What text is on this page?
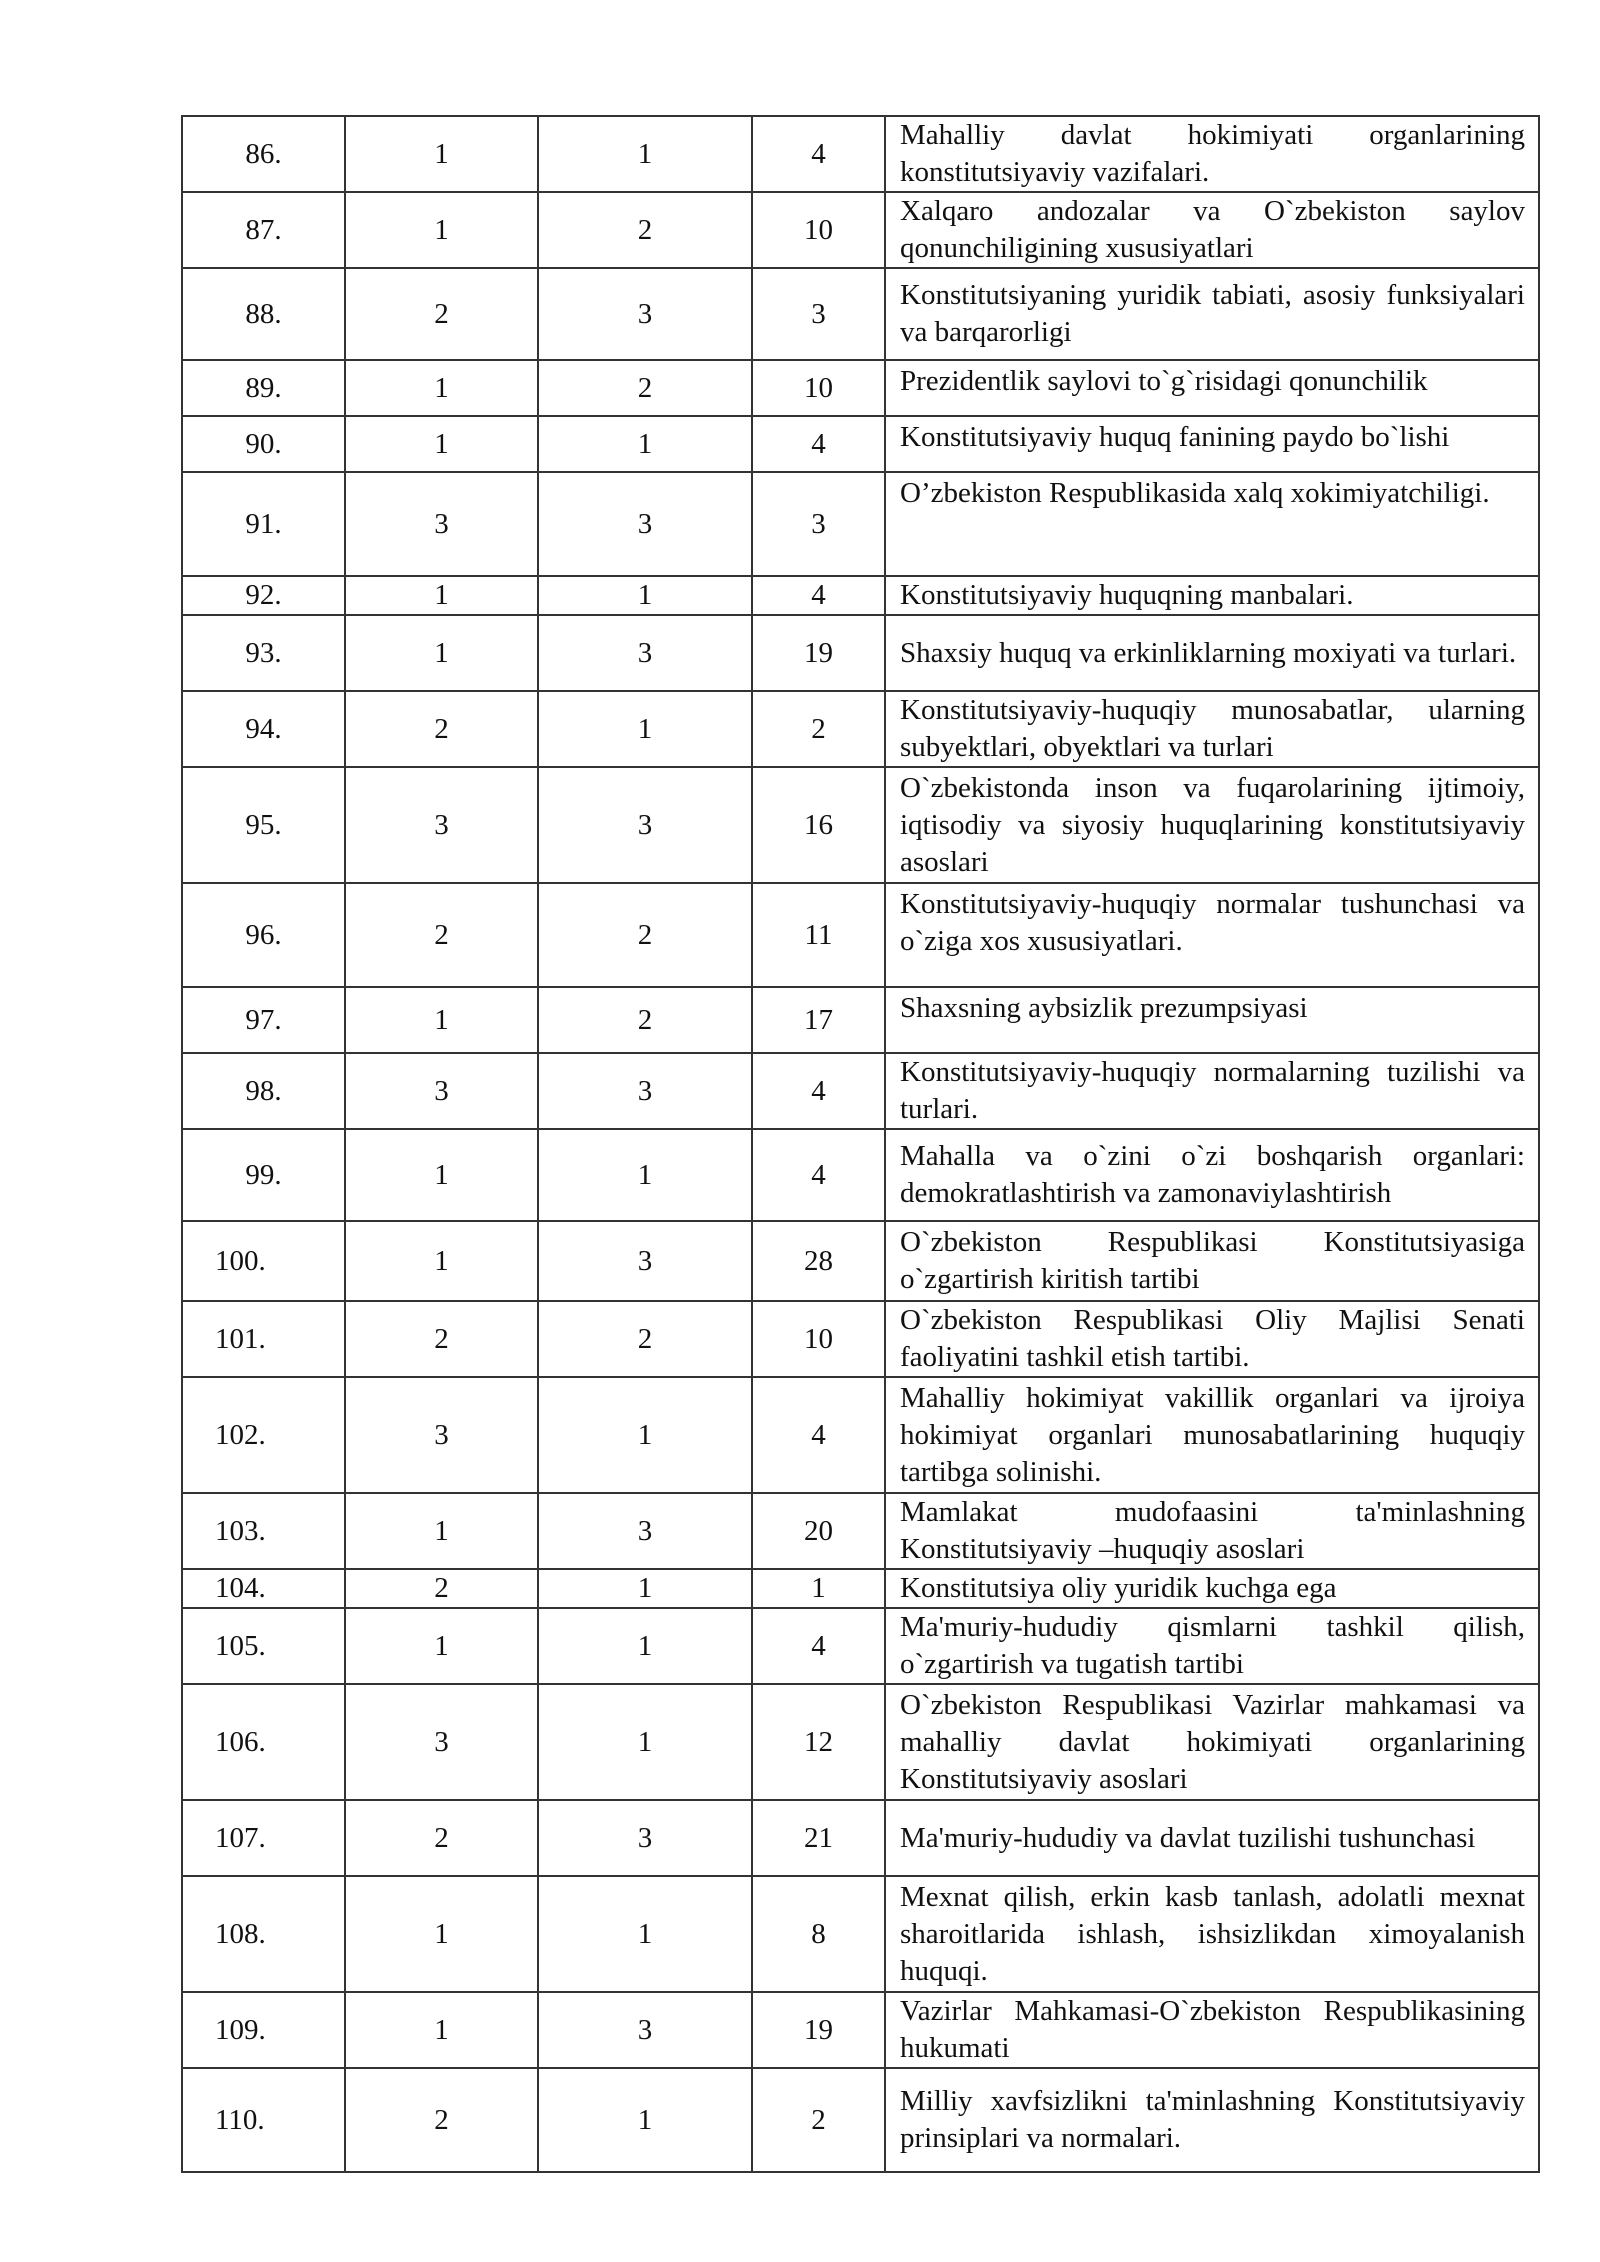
86.	1	1	4	Mahalliy davlat hokimiyati organlarining konstitutsiyaviy vazifalari.
87.	1	2	10	Xalqaro andozalar va O`zbekiston saylov qonunchiligining xususiyatlari
88.	2	3	3	Konstitutsiyaning yuridik tabiati, asosiy funksiyalari va barqarorligi
89.	1	2	10	Prezidentlik saylovi to`g`risidagi qonunchilik
90.	1	1	4	Konstitutsiyaviy huquq fanining paydo bo`lishi
91.	3	3	3	O’zbekiston Respublikasida xalq xokimiyatchiligi.
92.	1	1	4	Konstitutsiyaviy huquqning manbalari.
93.	1	3	19	Shaxsiy huquq va erkinliklarning moxiyati va turlari.
94.	2	1	2	Konstitutsiyaviy-huquqiy munosabatlar, ularning subyektlari, obyektlari va turlari
95.	3	3	16	O`zbekistonda inson va fuqarolarining ijtimoiy, iqtisodiy va siyosiy huquqlarining konstitutsiyaviy asoslari
96.	2	2	11	Konstitutsiyaviy-huquqiy normalar tushunchasi va o`ziga xos xususiyatlari.
97.	1	2	17	Shaxsning aybsizlik prezumpsiyasi
98.	3	3	4	Konstitutsiyaviy-huquqiy normalarning tuzilishi va turlari.
99.	1	1	4	Mahalla va o`zini o`zi boshqarish organlari: demokratlashtirish va zamonaviylashtirish
100.	1	3	28	O`zbekiston Respublikasi Konstitutsiyasiga o`zgartirish kiritish tartibi
101.	2	2	10	O`zbekiston Respublikasi Oliy Majlisi Senati faoliyatini tashkil etish tartibi.
102.	3	1	4	Mahalliy hokimiyat vakillik organlari va ijroiya hokimiyat organlari munosabatlarining huquqiy tartibga solinishi.
103.	1	3	20	Mamlakat mudofaasini ta'minlashning Konstitutsiyaviy –huquqiy asoslari
104.	2	1	1	Konstitutsiya oliy yuridik kuchga ega
105.	1	1	4	Ma'muriy-hududiy qismlarni tashkil qilish, o`zgartirish va tugatish tartibi
106.	3	1	12	O`zbekiston Respublikasi Vazirlar mahkamasi va mahalliy davlat hokimiyati organlarining Konstitutsiyaviy asoslari
107.	2	3	21	Ma'muriy-hududiy va davlat tuzilishi tushunchasi
108.	1	1	8	Mexnat qilish, erkin kasb tanlash, adolatli mexnat sharoitlarida ishlash, ishsizlikdan ximoyalanish huquqi.
109.	1	3	19	Vazirlar Mahkamasi-O`zbekiston Respublikasining hukumati
110.	2	1	2	Milliy xavfsizlikni ta'minlashning Konstitutsiyaviy prinsiplari va normalari.
